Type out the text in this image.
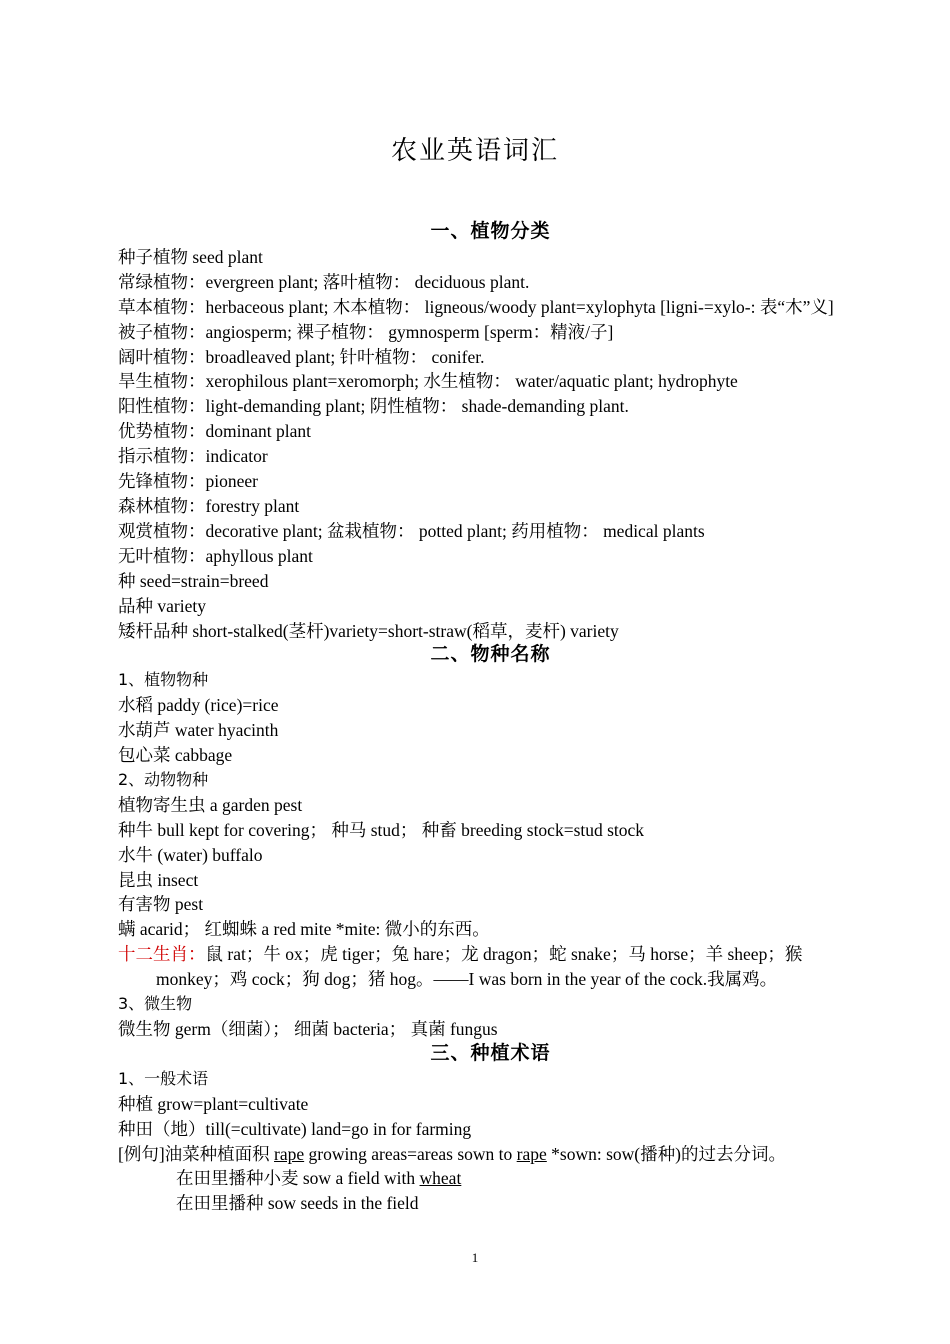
农业英语词汇
一、植物分类
种子植物 seed plant
常绿植物：evergreen plant; 落叶植物： deciduous plant.
草本植物：herbaceous plant; 木本植物： ligneous/woody plant=xylophyta [ligni-=xylo-: 表“木”义]
被子植物：angiosperm; 裸子植物： gymnosperm [sperm：精液/子]
阔叶植物：broadleaved plant; 针叶植物： conifer.
旱生植物：xerophilous plant=xeromorph; 水生植物： water/aquatic plant; hydrophyte
阳性植物：light-demanding plant; 阴性植物： shade-demanding plant.
优势植物：dominant plant
指示植物：indicator
先锋植物：pioneer
森林植物：forestry plant
观赏植物：decorative plant; 盆栽植物： potted plant; 药用植物： medical plants
无叶植物：aphyllous plant
种 seed=strain=breed
品种 variety
矮杆品种 short-stalked(茎杆)variety=short-straw(稻草，麦杆) variety
二、物种名称
1、植物物种
水稻 paddy (rice)=rice
水葫芦 water hyacinth
包心菜 cabbage
2、动物物种
植物寄生虫 a garden pest
种牛 bull kept for covering； 种马 stud； 种畜 breeding stock=stud stock
水牛 (water) buffalo
昆虫 insect
有害物 pest
螨 acarid； 红蜘蛛 a red mite *mite: 微小的东西。
十二生肖：鼠 rat；牛 ox；虎 tiger；兔 hare；龙 dragon；蛇 snake；马 horse；羊 sheep；猴 monkey；鸡 cock；狗 dog；猪 hog。——I was born in the year of the cock.我属鸡。
3、微生物
微生物 germ（细菌）； 细菌 bacteria； 真菌 fungus
三、种植术语
1、一般术语
种植 grow=plant=cultivate
种田（地）till(=cultivate) land=go in for farming
[例句]油菜种植面积 rape growing areas=areas sown to rape *sown: sow(播种)的过去分词。
在田里播种小麦 sow a field with wheat
在田里播种 sow seeds in the field
1
